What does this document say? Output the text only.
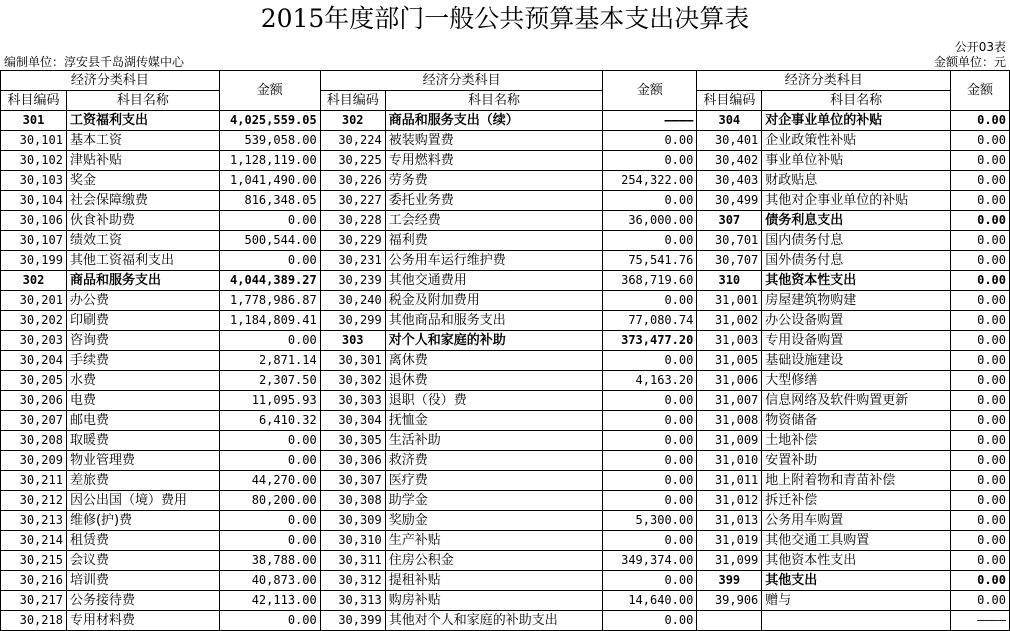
2015年度部门一般公共预算基本支出决算表
公开03表
编制单位：淳安县千岛湖传媒中心	金额单位：元
经济分类科目		金额	经济分类科目		金额	经济分类科目		金额
科目编码	科目名称		科目编码	科目名称		科目编码	科目名称	
301	工资福利支出	4,025,559.05	302	商品和服务支出（续）	————	304	对企事业单位的补贴	0.00
30,101	基本工资	539,058.00	30,224	被装购置费	0.00	30,401	企业政策性补贴	0.00
30,102	津贴补贴	1,128,119.00	30,225	专用燃料费	0.00	30,402	事业单位补贴	0.00
30,103	奖金	1,041,490.00	30,226	劳务费	254,322.00	30,403	财政贴息	0.00
30,104	社会保障缴费	816,348.05	30,227	委托业务费	0.00	30,499	其他对企事业单位的补贴	0.00
30,106	伙食补助费	0.00	30,228	工会经费	36,000.00	307	债务利息支出	0.00
30,107	绩效工资	500,544.00	30,229	福利费	0.00	30,701	国内债务付息	0.00
30,199	其他工资福利支出	0.00	30,231	公务用车运行维护费	75,541.76	30,707	国外债务付息	0.00
302	商品和服务支出	4,044,389.27	30,239	其他交通费用	368,719.60	310	其他资本性支出	0.00
30,201	办公费	1,778,986.87	30,240	税金及附加费用	0.00	31,001	房屋建筑物购建	0.00
30,202	印刷费	1,184,809.41	30,299	其他商品和服务支出	77,080.74	31,002	办公设备购置	0.00
30,203	咨询费	0.00	303	对个人和家庭的补助	373,477.20	31,003	专用设备购置	0.00
30,204	手续费	2,871.14	30,301	离休费	0.00	31,005	基础设施建设	0.00
30,205	水费	2,307.50	30,302	退休费	4,163.20	31,006	大型修缮	0.00
30,206	电费	11,095.93	30,303	退职（役）费	0.00	31,007	信息网络及软件购置更新	0.00
30,207	邮电费	6,410.32	30,304	抚恤金	0.00	31,008	物资储备	0.00
30,208	取暖费	0.00	30,305	生活补助	0.00	31,009	土地补偿	0.00
30,209	物业管理费	0.00	30,306	救济费	0.00	31,010	安置补助	0.00
30,211	差旅费	44,270.00	30,307	医疗费	0.00	31,011	地上附着物和青苗补偿	0.00
30,212	因公出国（境）费用	80,200.00	30,308	助学金	0.00	31,012	拆迁补偿	0.00
30,213	维修(护)费	0.00	30,309	奖励金	5,300.00	31,013	公务用车购置	0.00
30,214	租赁费	0.00	30,310	生产补贴	0.00	31,019	其他交通工具购置	0.00
30,215	会议费	38,788.00	30,311	住房公积金	349,374.00	31,099	其他资本性支出	0.00
30,216	培训费	40,873.00	30,312	提租补贴	0.00	399	其他支出	0.00
30,217	公务接待费	42,113.00	30,313	购房补贴	14,640.00	39,906	赠与	0.00
30,218	专用材料费	0.00	30,399	其他对个人和家庭的补助支出	0.00			————
